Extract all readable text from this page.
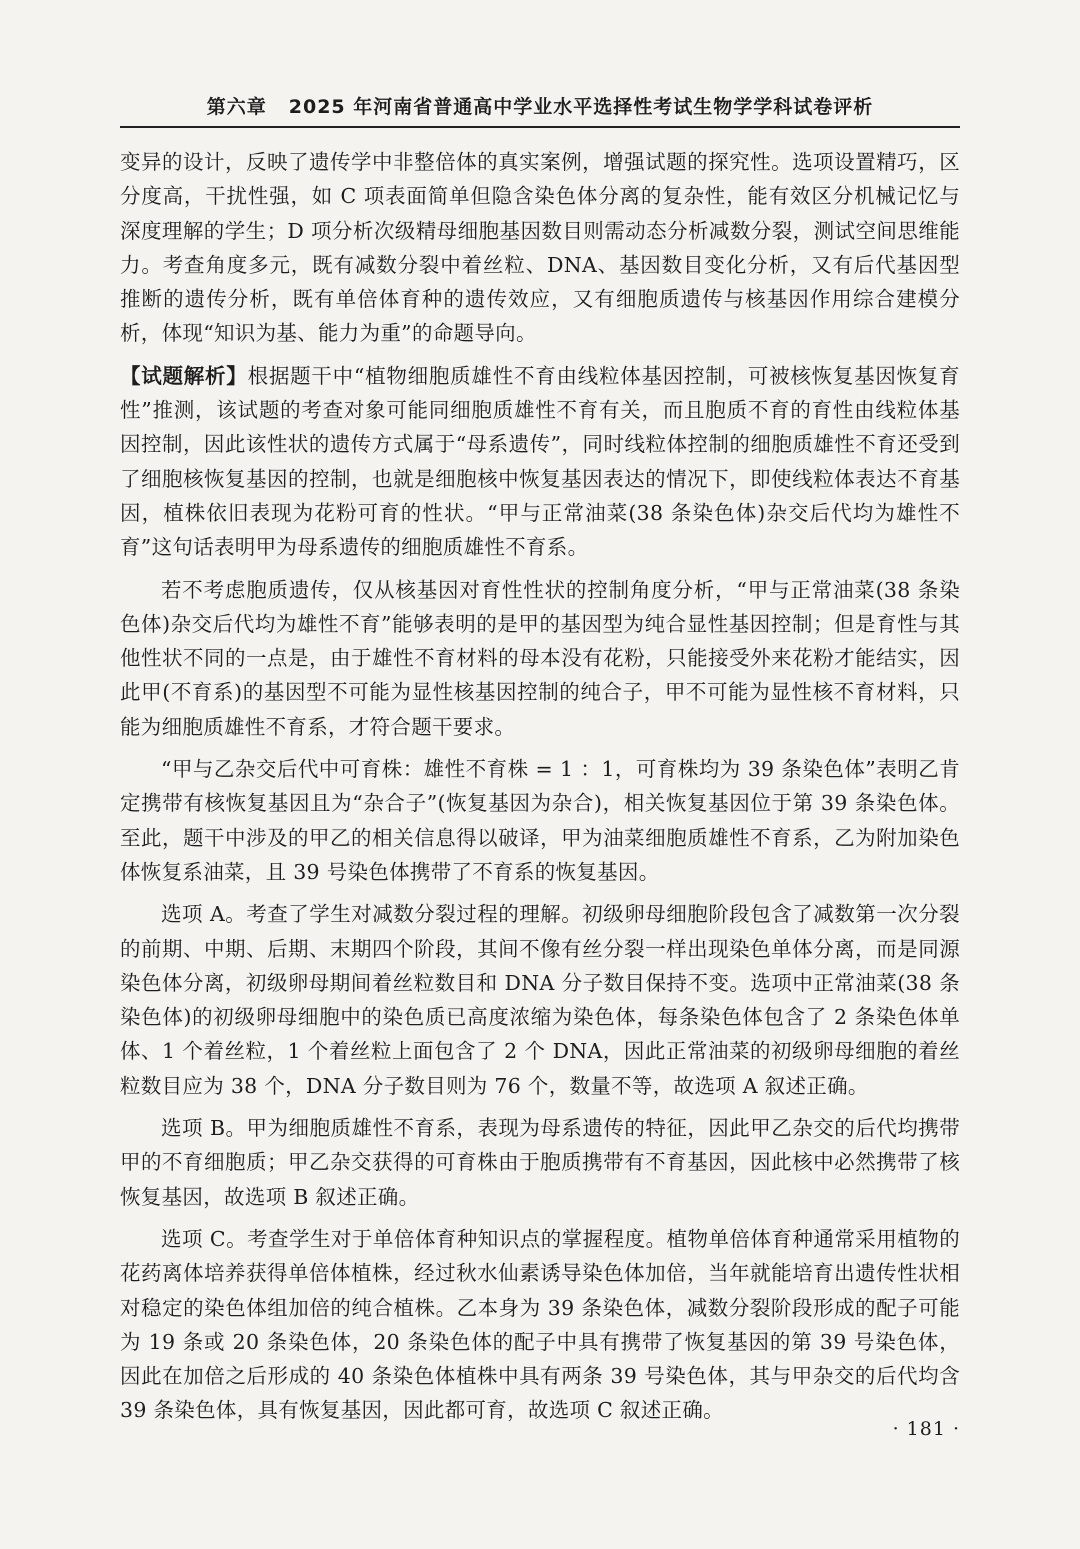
第六章 2025 年河南省普通高中学业水平选择性考试生物学学科试卷评析

变异的设计，反映了遗传学中非整倍体的真实案例，增强试题的探究性。选项设置精巧，区分度高，干扰性强，如 C 项表面简单但隐含染色体分离的复杂性，能有效区分机械记忆与深度理解的学生；D 项分析次级精母细胞基因数目则需动态分析减数分裂，测试空间思维能力。考查角度多元，既有减数分裂中着丝粒、DNA、基因数目变化分析，又有后代基因型推断的遗传分析，既有单倍体育种的遗传效应，又有细胞质遗传与核基因作用综合建模分析，体现“知识为基、能力为重”的命题导向。

【试题解析】根据题干中“植物细胞质雄性不育由线粒体基因控制，可被核恢复基因恢复育性”推测，该试题的考查对象可能同细胞质雄性不育有关，而且胞质不育的育性由线粒体基因控制，因此该性状的遗传方式属于“母系遗传”，同时线粒体控制的细胞质雄性不育还受到了细胞核恢复基因的控制，也就是细胞核中恢复基因表达的情况下，即使线粒体表达不育基因，植株依旧表现为花粉可育的性状。“甲与正常油菜(38 条染色体)杂交后代均为雄性不育”这句话表明甲为母系遗传的细胞质雄性不育系。

若不考虑胞质遗传，仅从核基因对育性性状的控制角度分析，“甲与正常油菜(38 条染色体)杂交后代均为雄性不育”能够表明的是甲的基因型为纯合显性基因控制；但是育性与其他性状不同的一点是，由于雄性不育材料的母本没有花粉，只能接受外来花粉才能结实，因此甲(不育系)的基因型不可能为显性核基因控制的纯合子，甲不可能为显性核不育材料，只能为细胞质雄性不育系，才符合题干要求。

“甲与乙杂交后代中可育株：雄性不育株 = 1 ：1，可育株均为 39 条染色体”表明乙肯定携带有核恢复基因且为“杂合子”(恢复基因为杂合)，相关恢复基因位于第 39 条染色体。至此，题干中涉及的甲乙的相关信息得以破译，甲为油菜细胞质雄性不育系，乙为附加染色体恢复系油菜，且 39 号染色体携带了不育系的恢复基因。

选项 A。考查了学生对减数分裂过程的理解。初级卵母细胞阶段包含了减数第一次分裂的前期、中期、后期、末期四个阶段，其间不像有丝分裂一样出现染色单体分离，而是同源染色体分离，初级卵母期间着丝粒数目和 DNA 分子数目保持不变。选项中正常油菜(38 条染色体)的初级卵母细胞中的染色质已高度浓缩为染色体，每条染色体包含了 2 条染色体单体、1 个着丝粒，1 个着丝粒上面包含了 2 个 DNA，因此正常油菜的初级卵母细胞的着丝粒数目应为 38 个，DNA 分子数目则为 76 个，数量不等，故选项 A 叙述正确。

选项 B。甲为细胞质雄性不育系，表现为母系遗传的特征，因此甲乙杂交的后代均携带甲的不育细胞质；甲乙杂交获得的可育株由于胞质携带有不育基因，因此核中必然携带了核恢复基因，故选项 B 叙述正确。

选项 C。考查学生对于单倍体育种知识点的掌握程度。植物单倍体育种通常采用植物的花药离体培养获得单倍体植株，经过秋水仙素诱导染色体加倍，当年就能培育出遗传性状相对稳定的染色体组加倍的纯合植株。乙本身为 39 条染色体，减数分裂阶段形成的配子可能为 19 条或 20 条染色体，20 条染色体的配子中具有携带了恢复基因的第 39 号染色体，因此在加倍之后形成的 40 条染色体植株中具有两条 39 号染色体，其与甲杂交的后代均含 39 条染色体，具有恢复基因，因此都可育，故选项 C 叙述正确。

· 181 ·
